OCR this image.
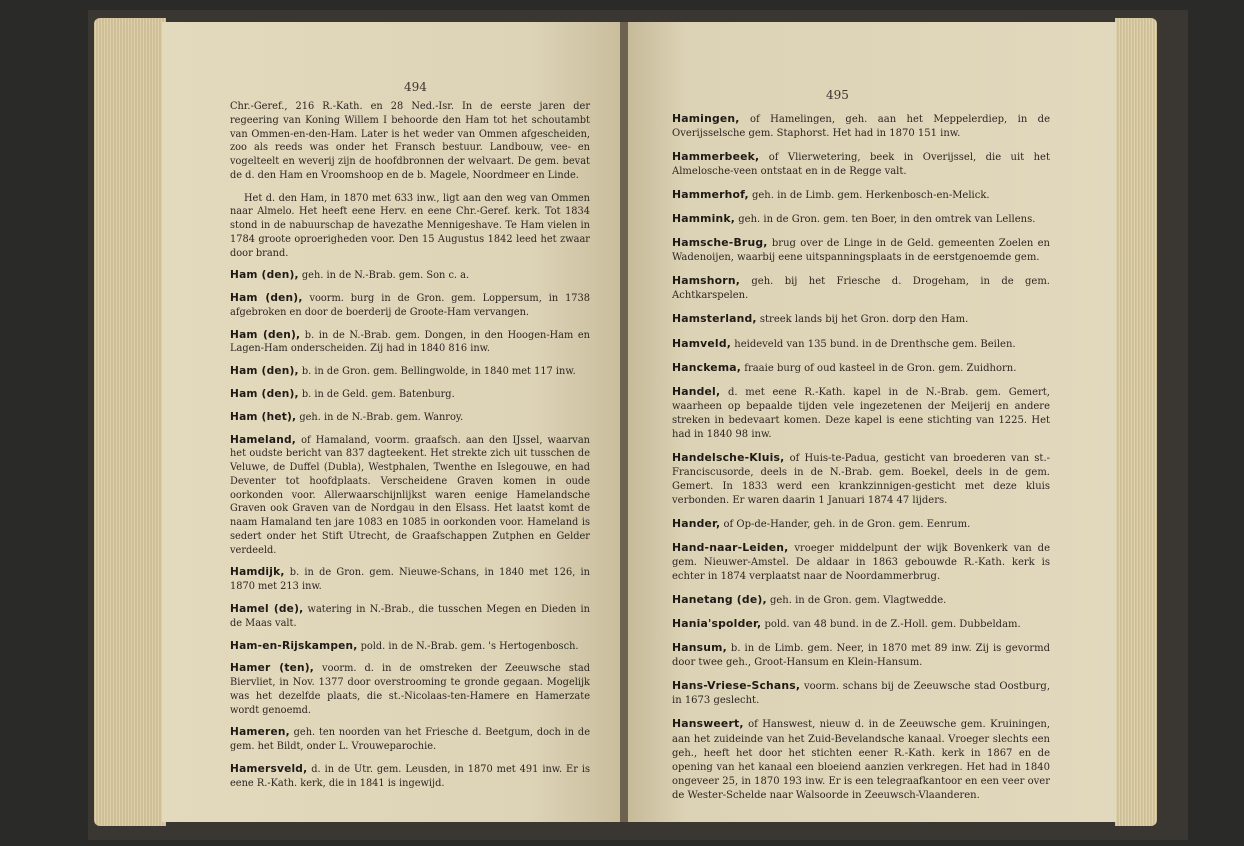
494

Chr.-Geref., 216 R.-Kath. en 28 Ned.-Isr. In de eerste jaren der regeering van Koning Willem I behoorde den Ham tot het schoutambt van Ommen-en-den-Ham. Later is het weder van Ommen afgescheiden, zoo als reeds was onder het Fransch bestuur. Landbouw, vee- en vogelteelt en weverij zijn de hoofdbronnen der welvaart. De gem. bevat de d. den Ham en Vroomshoop en de b. Magele, Noordmeer en Linde.

Het d. den Ham, in 1870 met 633 inw., ligt aan den weg van Ommen naar Almelo. Het heeft eene Herv. en eene Chr.-Geref. kerk. Tot 1834 stond in de nabuurschap de havezathe Mennigeshave. Te Ham vielen in 1784 groote oproerigheden voor. Den 15 Augustus 1842 leed het zwaar door brand.

Ham (den), geh. in de N.-Brab. gem. Son c. a.

Ham (den), voorm. burg in de Gron. gem. Loppersum, in 1738 afgebroken en door de boerderij de Groote-Ham vervangen.

Ham (den), b. in de N.-Brab. gem. Dongen, in den Hoogen-Ham en Lagen-Ham onderscheiden. Zij had in 1840 816 inw.

Ham (den), b. in de Gron. gem. Bellingwolde, in 1840 met 117 inw.

Ham (den), b. in de Geld. gem. Batenburg.

Ham (het), geh. in de N.-Brab. gem. Wanroy.

Hameland, of Hamaland, voorm. graafsch. aan den IJssel, waarvan het oudste bericht van 837 dagteekent. Het strekte zich uit tusschen de Veluwe, de Duffel (Dubla), Westphalen, Twenthe en Islegouwe, en had Deventer tot hoofdplaats. Verscheidene Graven komen in oude oorkonden voor. Allerwaarschijnlijkst waren eenige Hamelandsche Graven ook Graven van de Nordgau in den Elsass. Het laatst komt de naam Hamaland ten jare 1083 en 1085 in oorkonden voor. Hameland is sedert onder het Stift Utrecht, de Graafschappen Zutphen en Gelder verdeeld.

Hamdijk, b. in de Gron. gem. Nieuwe-Schans, in 1840 met 126, in 1870 met 213 inw.

Hamel (de), watering in N.-Brab., die tusschen Megen en Dieden in de Maas valt.

Ham-en-Rijskampen, pold. in de N.-Brab. gem. 's Hertogenbosch.

Hamer (ten), voorm. d. in de omstreken der Zeeuwsche stad Biervliet, in Nov. 1377 door overstrooming te gronde gegaan. Mogelijk was het dezelfde plaats, die st.-Nicolaas-ten-Hamere en Hamerzate wordt genoemd.

Hameren, geh. ten noorden van het Friesche d. Beetgum, doch in de gem. het Bildt, onder L. Vrouweparochie.

Hamersveld, d. in de Utr. gem. Leusden, in 1870 met 491 inw. Er is eene R.-Kath. kerk, die in 1841 is ingewijd.

495

Hamingen, of Hamelingen, geh. aan het Meppelerdiep, in de Overijsselsche gem. Staphorst. Het had in 1870 151 inw.

Hammerbeek, of Vlierwetering, beek in Overijssel, die uit het Almelosche-veen ontstaat en in de Regge valt.

Hammerhof, geh. in de Limb. gem. Herkenbosch-en-Melick.

Hammink, geh. in de Gron. gem. ten Boer, in den omtrek van Lellens.

Hamsche-Brug, brug over de Linge in de Geld. gemeenten Zoelen en Wadenoijen, waarbij eene uitspanningsplaats in de eerstgenoemde gem.

Hamshorn, geh. bij het Friesche d. Drogeham, in de gem. Achtkarspelen.

Hamsterland, streek lands bij het Gron. dorp den Ham.

Hamveld, heideveld van 135 bund. in de Drenthsche gem. Beilen.

Hanckema, fraaie burg of oud kasteel in de Gron. gem. Zuidhorn.

Handel, d. met eene R.-Kath. kapel in de N.-Brab. gem. Gemert, waarheen op bepaalde tijden vele ingezetenen der Meijerij en andere streken in bedevaart komen. Deze kapel is eene stichting van 1225. Het had in 1840 98 inw.

Handelsche-Kluis, of Huis-te-Padua, gesticht van broederen van st.-Franciscusorde, deels in de N.-Brab. gem. Boekel, deels in de gem. Gemert. In 1833 werd een krankzinnigen-gesticht met deze kluis verbonden. Er waren daarin 1 Januari 1874 47 lijders.

Hander, of Op-de-Hander, geh. in de Gron. gem. Eenrum.

Hand-naar-Leiden, vroeger middelpunt der wijk Bovenkerk van de gem. Nieuwer-Amstel. De aldaar in 1863 gebouwde R.-Kath. kerk is echter in 1874 verplaatst naar de Noordammerbrug.

Hanetang (de), geh. in de Gron. gem. Vlagtwedde.

Hania'spolder, pold. van 48 bund. in de Z.-Holl. gem. Dubbeldam.

Hansum, b. in de Limb. gem. Neer, in 1870 met 89 inw. Zij is gevormd door twee geh., Groot-Hansum en Klein-Hansum.

Hans-Vriese-Schans, voorm. schans bij de Zeeuwsche stad Oostburg, in 1673 geslecht.

Hansweert, of Hanswest, nieuw d. in de Zeeuwsche gem. Kruiningen, aan het zuideinde van het Zuid-Bevelandsche kanaal. Vroeger slechts een geh., heeft het door het stichten eener R.-Kath. kerk in 1867 en de opening van het kanaal een bloeiend aanzien verkregen. Het had in 1840 ongeveer 25, in 1870 193 inw. Er is een telegraafkantoor en een veer over de Wester-Schelde naar Walsoorde in Zeeuwsch-Vlaanderen.
